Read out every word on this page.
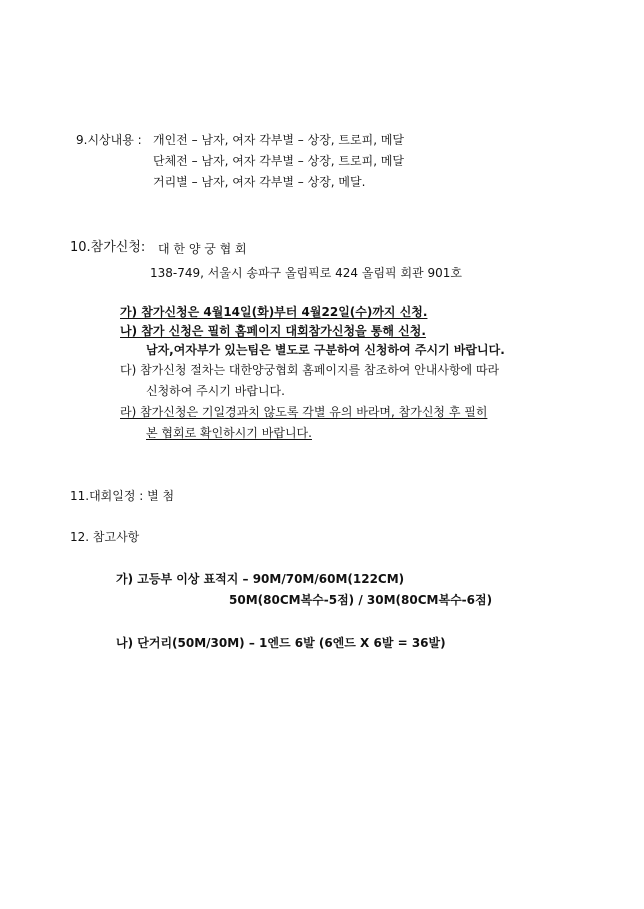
9.시상내용 : 개인전 – 남자, 여자 각부별 – 상장, 트로피, 메달
단체전 – 남자, 여자 각부별 – 상장, 트로피, 메달
거리별 – 남자, 여자 각부별 – 상장, 메달.
10.참가신청: 대 한 양 궁 협 회
138-749, 서울시 송파구 올림픽로 424 올림픽 회관 901호
가) 참가신청은 4월14일(화)부터 4월22일(수)까지 신청.
나) 참가 신청은 필히 홈페이지 대회참가신청을 통해 신청.
남자,여자부가 있는팀은 별도로 구분하여 신청하여 주시기 바랍니다.
다) 참가신청 절차는 대한양궁협회 홈페이지를 참조하여 안내사항에 따라
신청하여 주시기 바랍니다.
라) 참가신청은 기일경과치 않도록 각별 유의 바라며, 참가신청 후 필히
본 협회로 확인하시기 바랍니다.
11.대회일정 : 별 첨
12. 참고사항
가) 고등부 이상 표적지 – 90M/70M/60M(122CM)
50M(80CM복수-5점) / 30M(80CM복수-6점)
나) 단거리(50M/30M) – 1엔드 6발 (6엔드 X 6발 = 36발)
